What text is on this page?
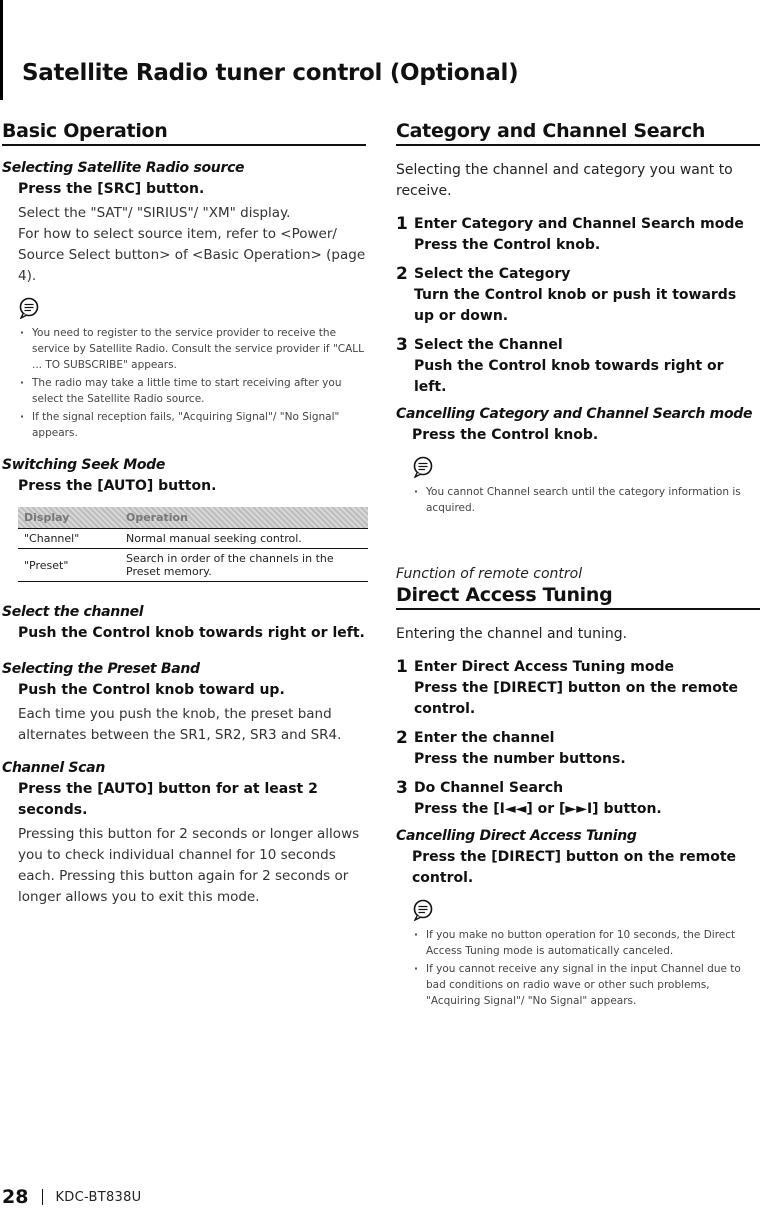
Satellite Radio tuner control (Optional)
Basic Operation
Selecting Satellite Radio source

Press the [SRC] button.

Select the "SAT"/ "SIRIUS"/ "XM" display.

For how to select source item, refer to <Power/ Source Select button> of <Basic Operation> (page 4).

· You need to register to the service provider to receive the service by Satellite Radio. Consult the service provider if "CALL ... TO SUBSCRIBE" appears.
· The radio may take a little time to start receiving after you select the Satellite Radio source.
· If the signal reception fails, "Acquiring Signal"/ "No Signal" appears.
Switching Seek Mode

Press the [AUTO] button.

Display	Operation
"Channel"	Normal manual seeking control.
"Preset"	Search in order of the channels in the Preset memory.
Select the channel

Push the Control knob towards right or left.

Selecting the Preset Band

Push the Control knob toward up.

Each time you push the knob, the preset band alternates between the SR1, SR2, SR3 and SR4.

Channel Scan

Press the [AUTO] button for at least 2 seconds.

Pressing this button for 2 seconds or longer allows you to check individual channel for 10 seconds each. Pressing this button again for 2 seconds or longer allows you to exit this mode.

Category and Channel Search

Selecting the channel and category you want to receive.

1 Enter Category and Channel Search mode
Press the Control knob.
2 Select the Category
Turn the Control knob or push it towards up or down.
3 Select the Channel
Push the Control knob towards right or left.
Cancelling Category and Channel Search mode

Press the Control knob.

· You cannot Channel search until the category information is acquired.

Function of remote control

Direct Access Tuning

Entering the channel and tuning.

1 Enter Direct Access Tuning mode
Press the [DIRECT] button on the remote control.
2 Enter the channel
Press the number buttons.
3 Do Channel Search
Press the [I◄◄] or [►►I] button.
Cancelling Direct Access Tuning

Press the [DIRECT] button on the remote control.

· If you make no button operation for 10 seconds, the Direct Access Tuning mode is automatically canceled.
· If you cannot receive any signal in the input Channel due to bad conditions on radio wave or other such problems, "Acquiring Signal"/ "No Signal" appears.
28 KDC-BT838U
